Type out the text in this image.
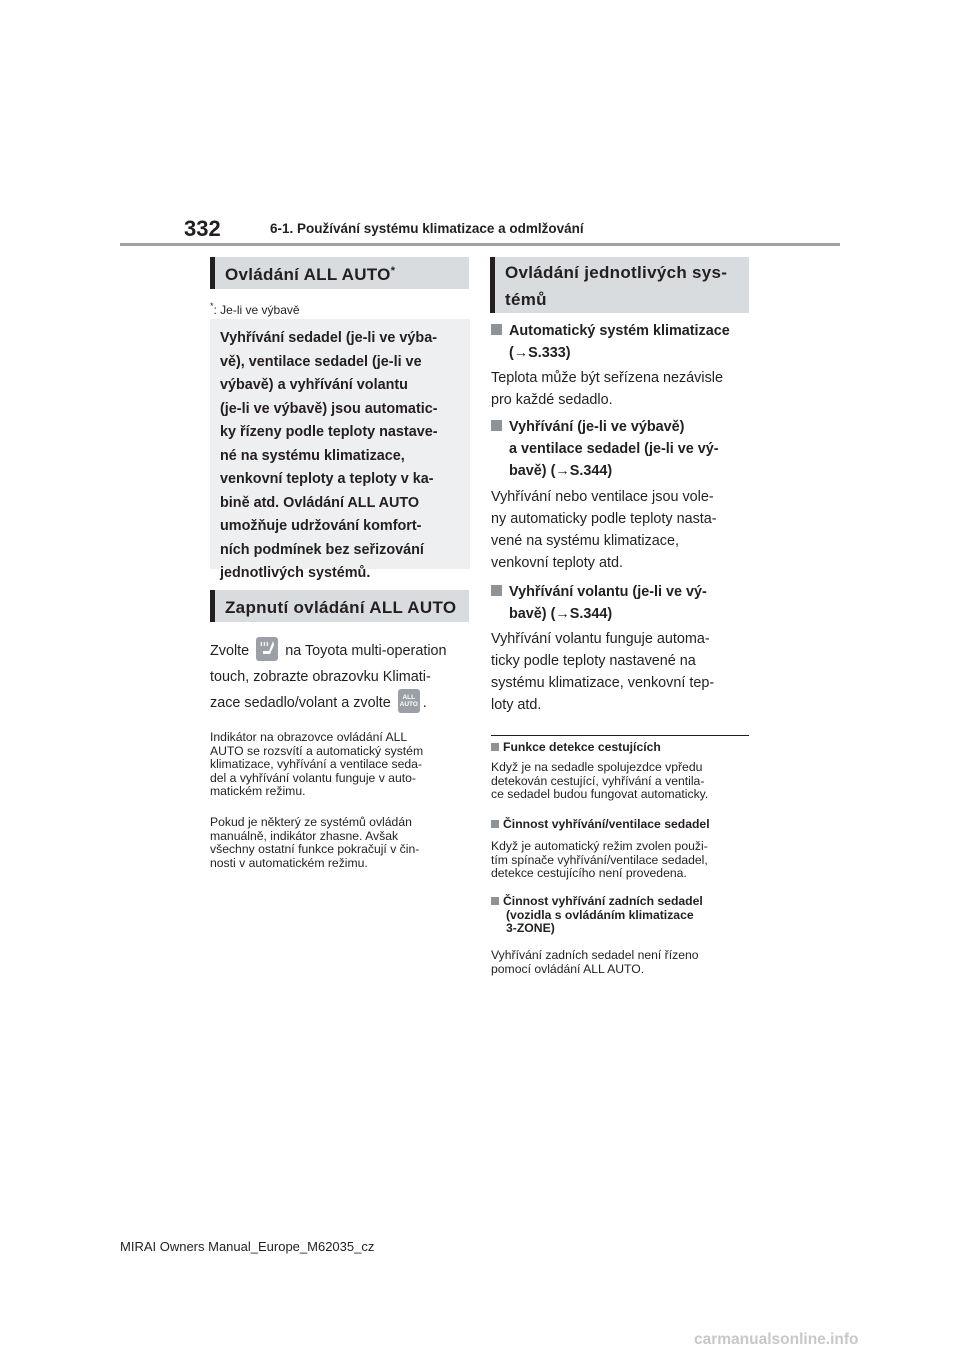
332	6-1. Používání systému klimatizace a odmlžování
Ovládání ALL AUTO*
*: Je-li ve výbavě
Vyhřívání sedadel (je-li ve výba-
vě), ventilace sedadel (je-li ve
výbavě) a vyhřívání volantu
(je-li ve výbavě) jsou automatic-
ky řízeny podle teploty nastave-
né na systému klimatizace,
venkovní teploty a teploty v ka-
bině atd. Ovládání ALL AUTO
umožňuje udržování komfort-
ních podmínek bez seřizování
jednotlivých systémů.
Zapnutí ovládání ALL AUTO
Zvolte	na Toyota multi-operation
touch, zobrazte obrazovku Klimati-
zace sedadlo/volant a zvolte	ALL
AUTO .
Indikátor na obrazovce ovládání ALL
AUTO se rozsvítí a automatický systém
klimatizace, vyhřívání a ventilace seda-
del a vyhřívání volantu funguje v auto-
matickém režimu.
Pokud je některý ze systémů ovládán
manuálně, indikátor zhasne. Avšak
všechny ostatní funkce pokračují v čin-
nosti v automatickém režimu.
Ovládání jednotlivých sys-
témů
Automatický systém klimatizace
(→S.333)
Teplota může být seřízena nezávisle
pro každé sedadlo.
Vyhřívání (je-li ve výbavě)
a ventilace sedadel (je-li ve vý-
bavě) (→S.344)
Vyhřívání nebo ventilace jsou vole-
ny automaticky podle teploty nasta-
vené na systému klimatizace,
venkovní teploty atd.
Vyhřívání volantu (je-li ve vý-
bavě) (→S.344)
Vyhřívání volantu funguje automa-
ticky podle teploty nastavené na
systému klimatizace, venkovní tep-
loty atd.
Funkce detekce cestujících
Když je na sedadle spolujezdce vpředu
detekován cestující, vyhřívání a ventila-
ce sedadel budou fungovat automaticky.
Činnost vyhřívání/ventilace sedadel
Když je automatický režim zvolen použi-
tím spínače vyhřívání/ventilace sedadel,
detekce cestujícího není provedena.
Činnost vyhřívání zadních sedadel
(vozidla s ovládáním klimatizace
3-ZONE)
Vyhřívání zadních sedadel není řízeno
pomocí ovládání ALL AUTO.
MIRAI Owners Manual_Europe_M62035_cz
carmanualsonline.info
